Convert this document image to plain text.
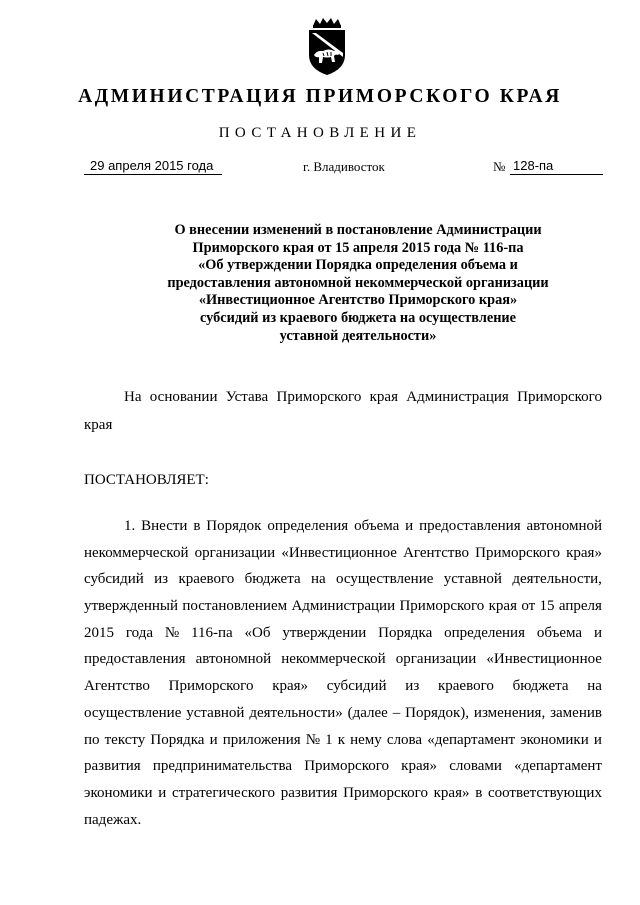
АДМИНИСТРАЦИЯ ПРИМОРСКОГО КРАЯ
ПОСТАНОВЛЕНИЕ
29 апреля 2015 года	г. Владивосток	№ 128-па
О внесении изменений в постановление Администрации
Приморского края от 15 апреля 2015 года № 116-па
«Об утверждении Порядка определения объема и
предоставления автономной некоммерческой организации
«Инвестиционное Агентство Приморского края»
субсидий из краевого бюджета на осуществление
уставной деятельности»
На основании Устава Приморского края Администрация Приморского
края
ПОСТАНОВЛЯЕТ:
1. Внести в Порядок определения объема и предоставления автономной
некоммерческой организации «Инвестиционное Агентство Приморского края»
субсидий из краевого бюджета на осуществление уставной деятельности,
утвержденный постановлением Администрации Приморского края от 15 апреля
2015 года № 116-па «Об утверждении Порядка определения объема и
предоставления автономной некоммерческой организации «Инвестиционное
Агентство Приморского края» субсидий из краевого бюджета на
осуществление уставной деятельности» (далее – Порядок), изменения, заменив
по тексту Порядка и приложения № 1 к нему слова «департамент экономики и
развития предпринимательства Приморского края» словами «департамент
экономики и стратегического развития Приморского края» в соответствующих
падежах.
